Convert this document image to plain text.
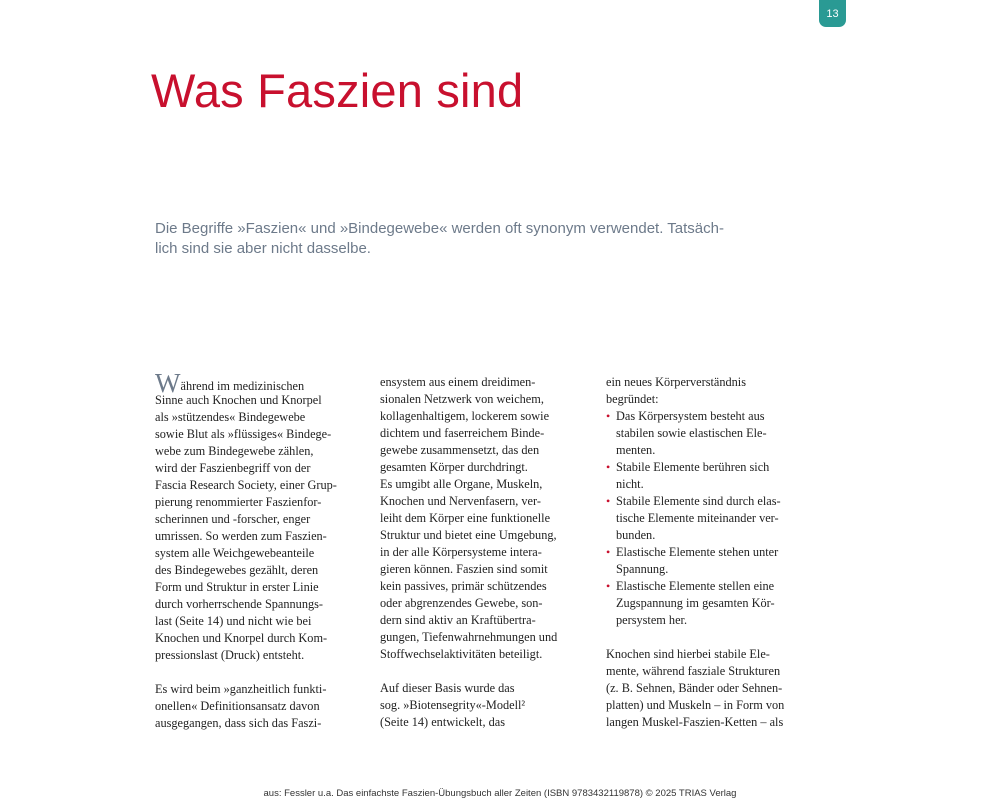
13
Was Faszien sind
Die Begriffe »Faszien« und »Bindegewebe« werden oft synonym verwendet. Tatsäch-
lich sind sie aber nicht dasselbe.
Während im medizinischen
Sinne auch Knochen und Knorpel
als »stützendes« Bindegewebe
sowie Blut als »flüssiges« Bindege-
webe zum Bindegewebe zählen,
wird der Faszienbegriff von der
Fascia Research Society, einer Grup-
pierung renommierter Faszienfor-
scherinnen und -forscher, enger
umrissen. So werden zum Faszien-
system alle Weichgewebeanteile
des Bindegewebes gezählt, deren
Form und Struktur in erster Linie
durch vorherrschende Spannungs-
last (Seite 14) und nicht wie bei
Knochen und Knorpel durch Kom-
pressionslast (Druck) entsteht.
Es wird beim »ganzheitlich funkti-
onellen« Definitionsansatz davon
ausgegangen, dass sich das Faszi-
ensystem aus einem dreidimen-
sionalen Netzwerk von weichem,
kollagenhaltigem, lockerem sowie
dichtem und faserreichem Binde-
gewebe zusammensetzt, das den
gesamten Körper durchdringt.
Es umgibt alle Organe, Muskeln,
Knochen und Nervenfasern, ver-
leiht dem Körper eine funktionelle
Struktur und bietet eine Umgebung,
in der alle Körpersysteme intera-
gieren können. Faszien sind somit
kein passives, primär schützendes
oder abgrenzendes Gewebe, son-
dern sind aktiv an Kraftübertra-
gungen, Tiefenwahrnehmungen und
Stoffwechselaktivitäten beteiligt.
Auf dieser Basis wurde das
sog. »Biotensegrity«-Modell²
(Seite 14) entwickelt, das
ein neues Körperverständnis
begründet:
• Das Körpersystem besteht aus
stabilen sowie elastischen Ele-
menten.
• Stabile Elemente berühren sich
nicht.
• Stabile Elemente sind durch elas-
tische Elemente miteinander ver-
bunden.
• Elastische Elemente stehen unter
Spannung.
• Elastische Elemente stellen eine
Zugspannung im gesamten Kör-
persystem her.
Knochen sind hierbei stabile Ele-
mente, während fasziale Strukturen
(z. B. Sehnen, Bänder oder Sehnen-
platten) und Muskeln – in Form von
langen Muskel-Faszien-Ketten – als
aus: Fessler u.a. Das einfachste Faszien-Übungsbuch aller Zeiten (ISBN 9783432119878) © 2025 TRIAS Verlag
